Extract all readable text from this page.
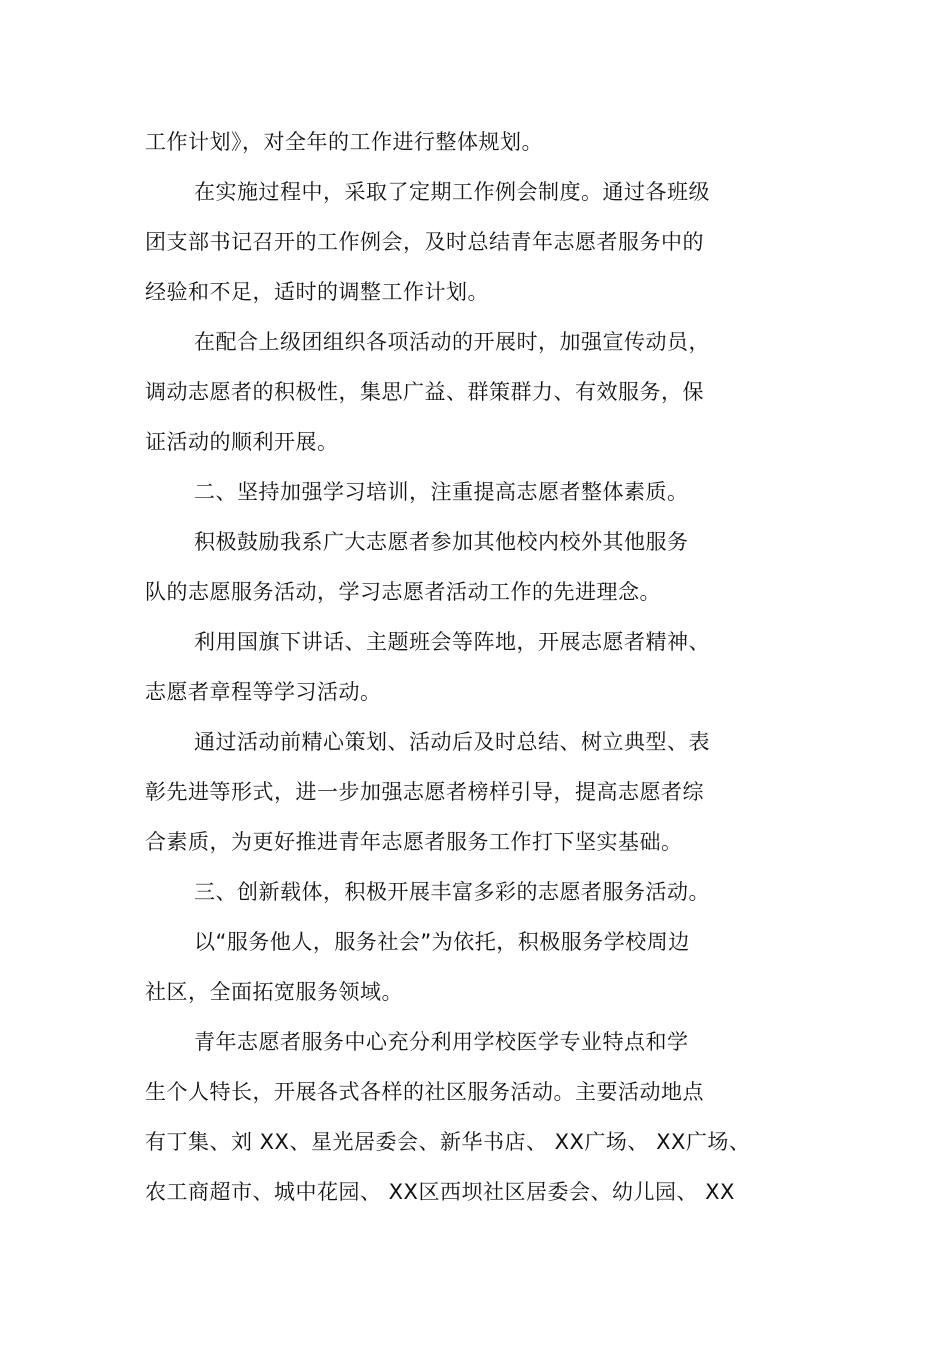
工作计划》，对全年的工作进行整体规划。
在实施过程中，采取了定期工作例会制度。通过各班级
团支部书记召开的工作例会，及时总结青年志愿者服务中的
经验和不足，适时的调整工作计划。
在配合上级团组织各项活动的开展时，加强宣传动员，
调动志愿者的积极性，集思广益、群策群力、有效服务，保
证活动的顺利开展。
二、坚持加强学习培训，注重提高志愿者整体素质。
积极鼓励我系广大志愿者参加其他校内校外其他服务
队的志愿服务活动，学习志愿者活动工作的先进理念。
利用国旗下讲话、主题班会等阵地，开展志愿者精神、
志愿者章程等学习活动。
通过活动前精心策划、活动后及时总结、树立典型、表
彰先进等形式，进一步加强志愿者榜样引导，提高志愿者综
合素质，为更好推进青年志愿者服务工作打下坚实基础。
三、创新载体，积极开展丰富多彩的志愿者服务活动。
以“服务他人，服务社会”为依托，积极服务学校周边
社区，全面拓宽服务领域。
青年志愿者服务中心充分利用学校医学专业特点和学
生个人特长，开展各式各样的社区服务活动。主要活动地点
有丁集、刘 XX、星光居委会、新华书店、 XX广场、 XX广场、
农工商超市、城中花园、 XX区西坝社区居委会、幼儿园、 XX
